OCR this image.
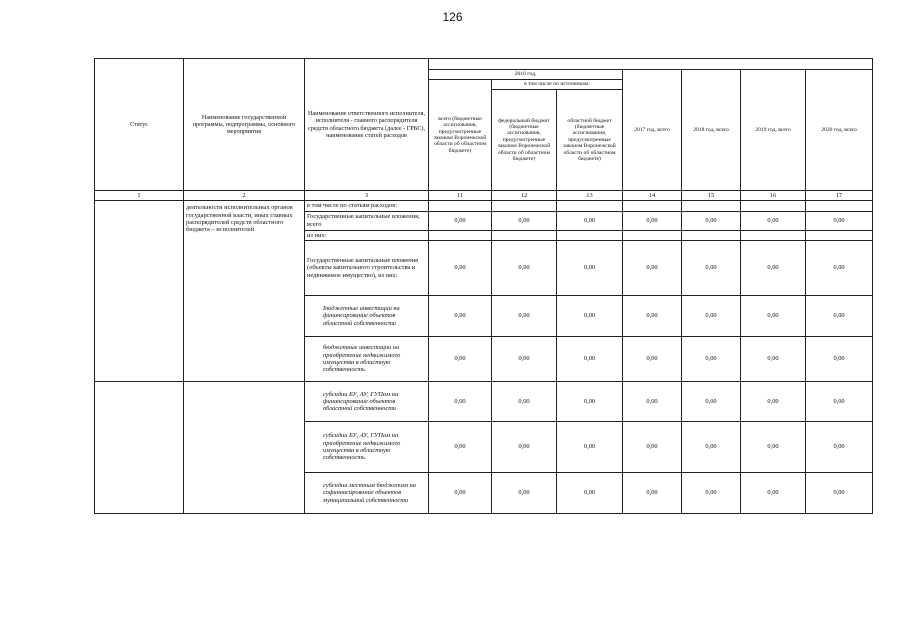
126
Статус	Наименование государственной программы, подпрограммы, основного мероприятия	Наименование ответственного исполнителя, исполнителя - главного распорядителя средств областного бюджета (далее - ГРБС), наименование статей расходов							
			2016 год,			2017 год, всего	2018 год, всего	2019 год, всего	2020 год, всего
			всего (бюджетные ассигнования, предусмотренные законом Воронежской области об областном бюджете)	в том числе по источникам:					
				федеральный бюджет (бюджетные ассигнования, предусмотренные законом Воронежской области об областном бюджете)	областной бюджет (бюджетные ассигнования, предусмотренные законом Воронежской области об областном бюджете)				
1	2	3	11	12	13	14	15	16	17

	деятельности исполнительных органов государственной власти, иных главных распорядителей средств областного бюджета – исполнителей	в том числе по статьям расходов:							
		Государственные капитальные вложения, всего	0,00	0,00	0,00	0,00	0,00	0,00	0,00
		из них:							
		Государственные капитальные вложения (объекты капитального строительства и недвижимое имущество), из них:	0,00	0,00	0,00	0,00	0,00	0,00	0,00
		Бюджетные инвестиции на финансирование объектов областной собственности	0,00	0,00	0,00	0,00	0,00	0,00	0,00
		бюджетные инвестиции на приобретение недвижимого имущества в областную собственность	0,00	0,00	0,00	0,00	0,00	0,00	0,00
		субсидии БУ, АУ, ГУПам на финансирование объектов областной собственности	0,00	0,00	0,00	0,00	0,00	0,00	0,00
		субсидии БУ, АУ, ГУПам на приобретение недвижимого имущества в областную собственность	0,00	0,00	0,00	0,00	0,00	0,00	0,00
		субсидии местным бюджетам на софинансирование объектов муниципальной собственности	0,00	0,00	0,00	0,00	0,00	0,00	0,00
